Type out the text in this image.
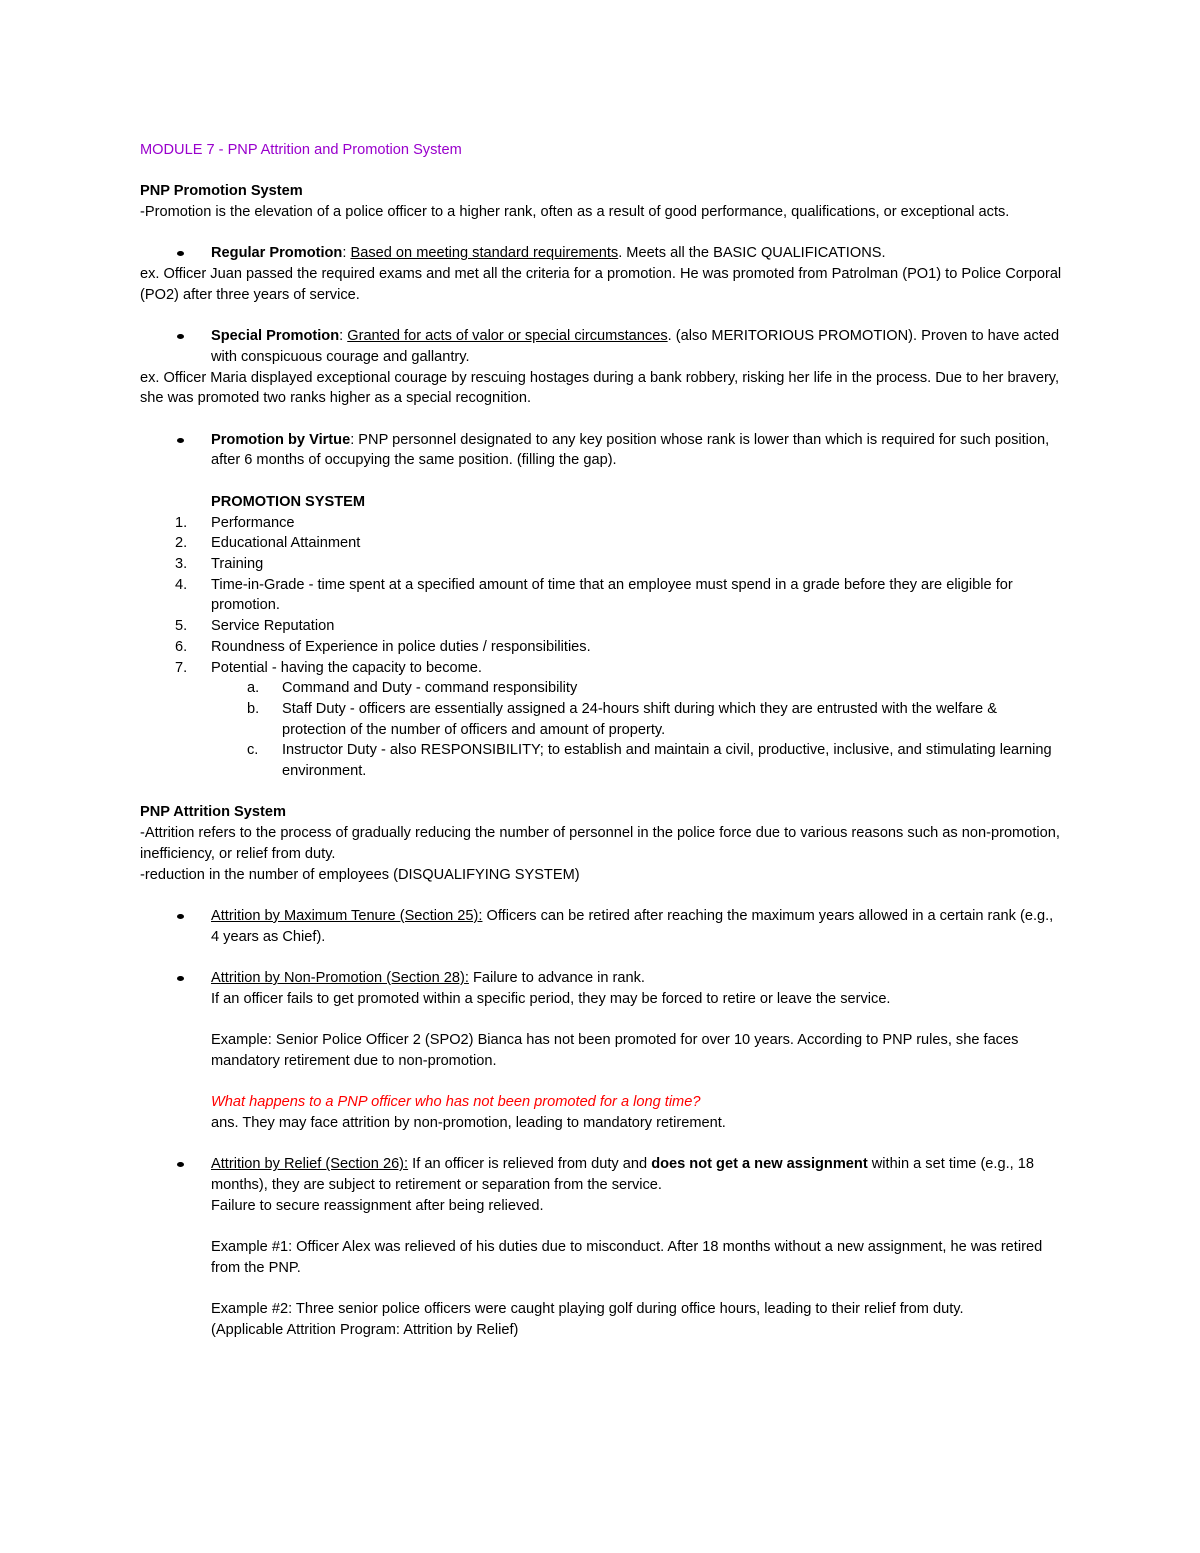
MODULE 7 - PNP Attrition and Promotion System
PNP Promotion System
-Promotion is the elevation of a police officer to a higher rank, often as a result of good performance, qualifications, or exceptional acts.
Regular Promotion: Based on meeting standard requirements. Meets all the BASIC QUALIFICATIONS.
ex. Officer Juan passed the required exams and met all the criteria for a promotion. He was promoted from Patrolman (PO1) to Police Corporal (PO2) after three years of service.
Special Promotion: Granted for acts of valor or special circumstances. (also MERITORIOUS PROMOTION). Proven to have acted with conspicuous courage and gallantry.
ex. Officer Maria displayed exceptional courage by rescuing hostages during a bank robbery, risking her life in the process. Due to her bravery, she was promoted two ranks higher as a special recognition.
Promotion by Virtue: PNP personnel designated to any key position whose rank is lower than which is required for such position, after 6 months of occupying the same position. (filling the gap).
PROMOTION SYSTEM
1. Performance
2. Educational Attainment
3. Training
4. Time-in-Grade - time spent at a specified amount of time that an employee must spend in a grade before they are eligible for promotion.
5. Service Reputation
6. Roundness of Experience in police duties / responsibilities.
7. Potential - having the capacity to become.
a. Command and Duty - command responsibility
b. Staff Duty - officers are essentially assigned a 24-hours shift during which they are entrusted with the welfare & protection of the number of officers and amount of property.
c. Instructor Duty - also RESPONSIBILITY; to establish and maintain a civil, productive, inclusive, and stimulating learning environment.
PNP Attrition System
-Attrition refers to the process of gradually reducing the number of personnel in the police force due to various reasons such as non-promotion, inefficiency, or relief from duty.
-reduction in the number of employees (DISQUALIFYING SYSTEM)
Attrition by Maximum Tenure (Section 25): Officers can be retired after reaching the maximum years allowed in a certain rank (e.g., 4 years as Chief).
Attrition by Non-Promotion (Section 28): Failure to advance in rank.
If an officer fails to get promoted within a specific period, they may be forced to retire or leave the service.
Example: Senior Police Officer 2 (SPO2) Bianca has not been promoted for over 10 years. According to PNP rules, she faces mandatory retirement due to non-promotion.
What happens to a PNP officer who has not been promoted for a long time?
ans. They may face attrition by non-promotion, leading to mandatory retirement.
Attrition by Relief (Section 26): If an officer is relieved from duty and does not get a new assignment within a set time (e.g., 18 months), they are subject to retirement or separation from the service.
Failure to secure reassignment after being relieved.
Example #1: Officer Alex was relieved of his duties due to misconduct. After 18 months without a new assignment, he was retired from the PNP.
Example #2: Three senior police officers were caught playing golf during office hours, leading to their relief from duty.
(Applicable Attrition Program: Attrition by Relief)
